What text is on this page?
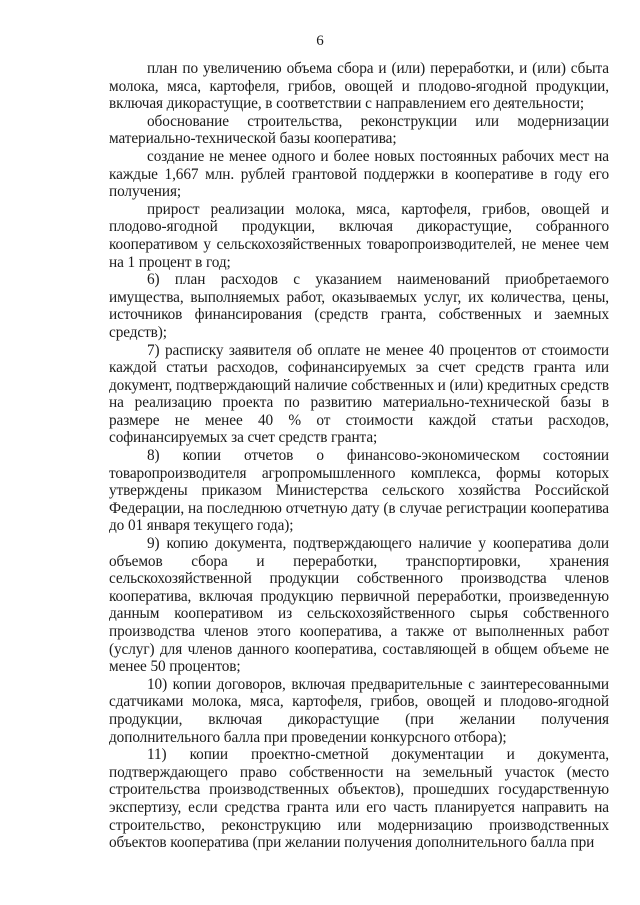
6

план по увеличению объема сбора и (или) переработки, и (или) сбыта молока, мяса, картофеля, грибов, овощей и плодово-ягодной продукции, включая дикорастущие, в соответствии с направлением его деятельности;

обоснование строительства, реконструкции или модернизации материально-технической базы кооператива;

создание не менее одного и более новых постоянных рабочих мест на каждые 1,667 млн. рублей грантовой поддержки в кооперативе в году его получения;

прирост реализации молока, мяса, картофеля, грибов, овощей и плодово-ягодной продукции, включая дикорастущие, собранного кооперативом у сельскохозяйственных товаропроизводителей, не менее чем на 1 процент в год;

6) план расходов с указанием наименований приобретаемого имущества, выполняемых работ, оказываемых услуг, их количества, цены, источников финансирования (средств гранта, собственных и заемных средств);

7) расписку заявителя об оплате не менее 40 процентов от стоимости каждой статьи расходов, софинансируемых за счет средств гранта или документ, подтверждающий наличие собственных и (или) кредитных средств на реализацию проекта по развитию материально-технической базы в размере не менее 40 % от стоимости каждой статьи расходов, софинансируемых за счет средств гранта;

8) копии отчетов о финансово-экономическом состоянии товаропроизводителя агропромышленного комплекса, формы которых утверждены приказом Министерства сельского хозяйства Российской Федерации, на последнюю отчетную дату (в случае регистрации кооператива до 01 января текущего года);

9) копию документа, подтверждающего наличие у кооператива доли объемов сбора и переработки, транспортировки, хранения сельскохозяйственной продукции собственного производства членов кооператива, включая продукцию первичной переработки, произведенную данным кооперативом из сельскохозяйственного сырья собственного производства членов этого кооператива, а также от выполненных работ (услуг) для членов данного кооператива, составляющей в общем объеме не менее 50 процентов;

10) копии договоров, включая предварительные с заинтересованными сдатчиками молока, мяса, картофеля, грибов, овощей и плодово-ягодной продукции, включая дикорастущие (при желании получения дополнительного балла при проведении конкурсного отбора);

11) копии проектно-сметной документации и документа, подтверждающего право собственности на земельный участок (место строительства производственных объектов), прошедших государственную экспертизу, если средства гранта или его часть планируется направить на строительство, реконструкцию или модернизацию производственных объектов кооператива (при желании получения дополнительного балла при
